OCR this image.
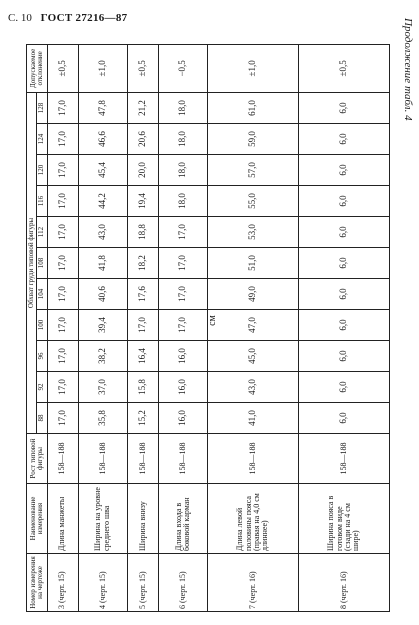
С. 10 ГОСТ 27216—87	Продолжение табл. 4
см
Номер измерения на чертеже	Наименование измерения	Рост типовой фигуры	Обхват груди типовой фигуры											Допускаемое отклонение
			88	92	96	100	104	108	112	116	120	124	128	
3 (черт. 15)	Длина манжеты	158—188	17,0	17,0	17,0	17,0	17,0	17,0	17,0	17,0	17,0	17,0	17,0	±0,5
4 (черт. 15)	Ширина на уровне среднего шва	158—188	35,8	37,0	38,2	39,4	40,6	41,8	43,0	44,2	45,4	46,6	47,8	±1,0
5 (черт. 15)	Ширина внизу	158—188	15,2	15,8	16,4	17,0	17,6	18,2	18,8	19,4	20,0	20,6	21,2	±0,5
6 (черт. 15)	Длина входа в боковой карман	158—188	16,0	16,0	16,0	17,0	17,0	17,0	17,0	18,0	18,0	18,0	18,0	−0,5
7 (черт. 16)	Длина левой половины пояса (правая на 4,0 см длиннее)	158—188	41,0	43,0	45,0	47,0	49,0	51,0	53,0	55,0	57,0	59,0	61,0	±1,0
8 (черт. 16)	Ширина пояса в готовом виде (сзади на 4 см шире)	158—188	6,0	6,0	6,0	6,0	6,0	6,0	6,0	6,0	6,0	6,0	6,0	±0,5
